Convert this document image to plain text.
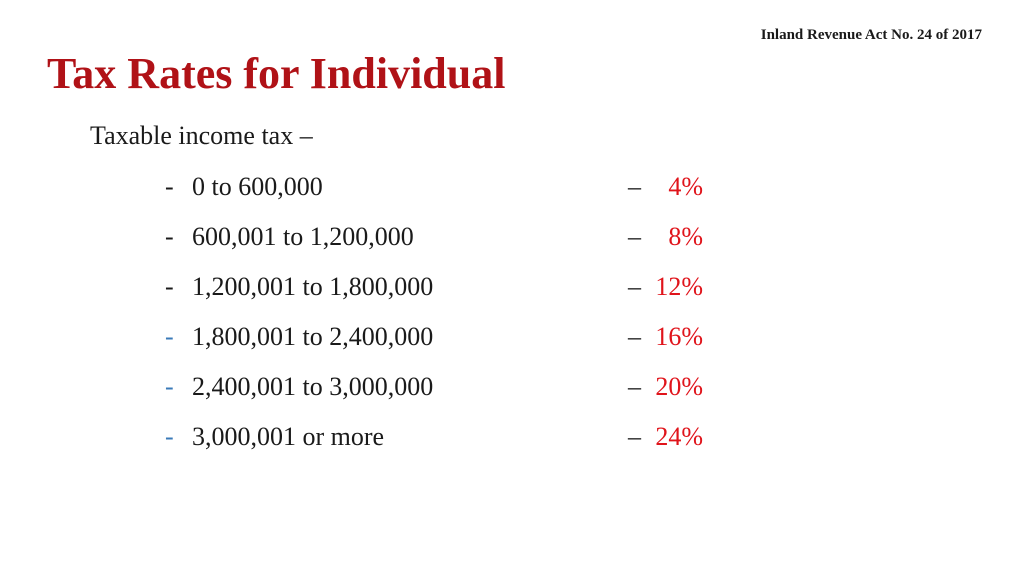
Inland Revenue Act No. 24 of 2017
Tax Rates for Individual
Taxable income tax –
- 0 to 600,000	–	4%
- 600,001 to 1,200,000	–	8%
- 1,200,001 to 1,800,000	– 12%
- 1,800,001 to 2,400,000	– 16%
- 2,400,001 to 3,000,000	– 20%
- 3,000,001 or more	– 24%
